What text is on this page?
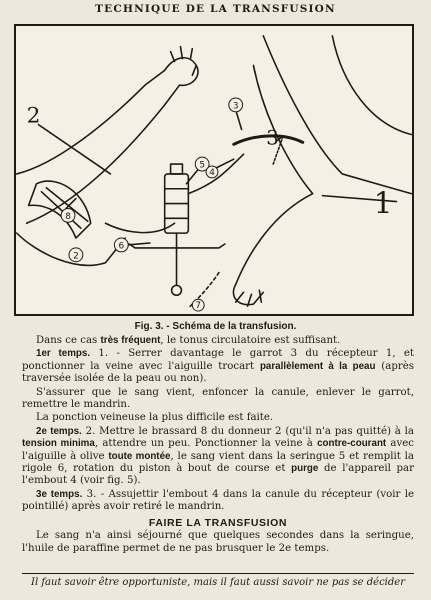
TECHNIQUE DE LA TRANSFUSION
2
1
3
5
4
3
6
8
7
2
Fig. 3. - Schéma de la transfusion.

Dans ce cas très fréquent, le tonus circulatoire est suffisant.

1er temps. 1. - Serrer davantage le garrot 3 du récepteur 1, et ponctionner la veine avec l'aiguille trocart parallèlement à la peau (après traversée isolée de la peau ou non).

S'assurer que le sang vient, enfoncer la canule, enlever le garrot, remettre le mandrin.

La ponction veineuse la plus difficile est faite.

2e temps. 2. Mettre le brassard 8 du donneur 2 (qu'il n'a pas quitté) à la tension minima, attendre un peu. Ponctionner la veine à contre-courant avec l'aiguille à olive toute montée, le sang vient dans la seringue 5 et remplit la rigole 6, rotation du piston à bout de course et purge de l'appareil par l'embout 4 (voir fig. 5).

3e temps. 3. - Assujettir l'embout 4 dans la canule du récepteur (voir le pointillé) après avoir retiré le mandrin.

FAIRE LA TRANSFUSION

Le sang n'a ainsi séjourné que quelques secondes dans la seringue, l'huile de paraffine permet de ne pas brusquer le 2e temps.

Il faut savoir être opportuniste, mais il faut aussi savoir ne pas se décider
